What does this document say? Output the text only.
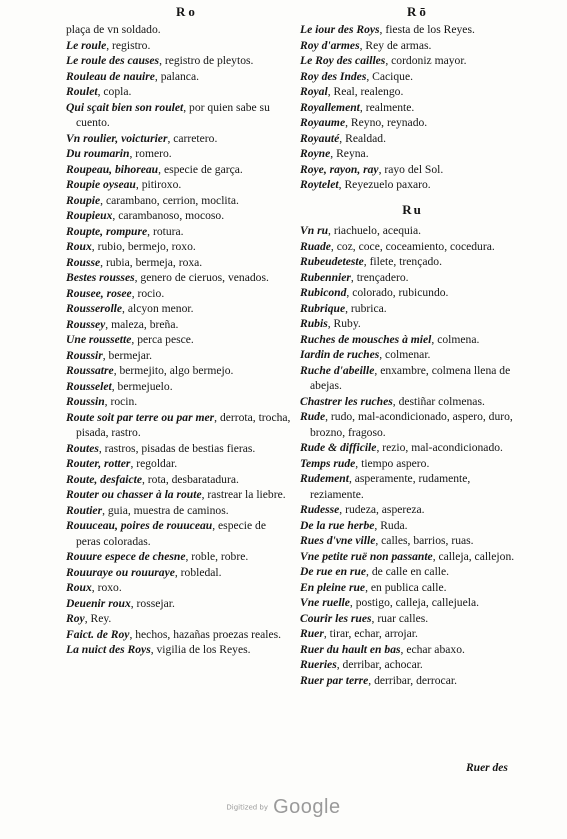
Ro	Rō

plaça de vn soldado.

Le roule, registro.

Le roule des causes, registro de pleytos.

Rouleau de nauire, palanca.

Roulet, copla.

Qui sçait bien son roulet, por quien sabe su cuento.

Vn roulier, voicturier, carretero.

Du roumarin, romero.

Roupeau, bihoreau, especie de garça.

Roupie oyseau, pitiroxo.

Roupie, carambano, cerrion, moclita.

Roupieux, carambanoso, mocoso.

Roupte, rompure, rotura.

Roux, rubio, bermejo, roxo.

Rousse, rubia, bermeja, roxa.

Bestes rousses, genero de cieruos, venados.

Rousee, rosee, rocio.

Rousserolle, alcyon menor.

Roussey, maleza, breña.

Une roussette, perca pesce.

Roussir, bermejar.

Roussatre, bermejito, algo bermejo.

Rousselet, bermejuelo.

Roussin, rocin.

Route soit par terre ou par mer, derrota, trocha, pisada, rastro.

Routes, rastros, pisadas de bestias fieras.

Router, rotter, regoldar.

Route, desfaicte, rota, desbaratadura.

Router ou chasser à la route, rastrear la liebre.

Routier, guia, muestra de caminos.

Rouuceau, poires de rouuceau, especie de peras coloradas.

Rouure espece de chesne, roble, robre.

Rouuraye ou rouuraye, robledal.

Roux, roxo.

Deuenir roux, rossejar.

Roy, Rey.

Faict. de Roy, hechos, hazañas proezas reales.

La nuict des Roys, vigilia de los Reyes.

Le iour des Roys, fiesta de los Reyes.

Roy d'armes, Rey de armas.

Le Roy des cailles, cordoniz mayor.

Roy des Indes, Cacique.

Royal, Real, realengo.

Royallement, realmente.

Royaume, Reyno, reynado.

Royauté, Realdad.

Royne, Reyna.

Roye, rayon, ray, rayo del Sol.

Roytelet, Reyezuelo paxaro.

Ru

Vn ru, riachuelo, acequia.

Ruade, coz, coce, coceamiento, cocedura.

Rubeudeteste, filete, trençado.

Rubennier, trençadero.

Rubicond, colorado, rubicundo.

Rubrique, rubrica.

Rubis, Ruby.

Ruches de mousches à miel, colmena.

Iardin de ruches, colmenar.

Ruche d'abeille, enxambre, colmena llena de abejas.

Chastrer les ruches, destiñar colmenas.

Rude, rudo, mal-acondicionado, aspero, duro, brozno, fragoso.

Rude & difficile, rezio, mal-acondicionado.

Temps rude, tiempo aspero.

Rudement, asperamente, rudamente, reziamente.

Rudesse, rudeza, aspereza.

De la rue herbe, Ruda.

Rues d'vne ville, calles, barrios, ruas.

Vne petite ruë non passante, calleja, callejon.

De rue en rue, de calle en calle.

En pleine rue, en publica calle.

Vne ruelle, postigo, calleja, callejuela.

Courir les rues, ruar calles.

Ruer, tirar, echar, arrojar.

Ruer du hault en bas, echar abaxo.

Rueries, derribar, achocar.

Ruer par terre, derribar, derrocar.

Ruer des
Digitized by Google
